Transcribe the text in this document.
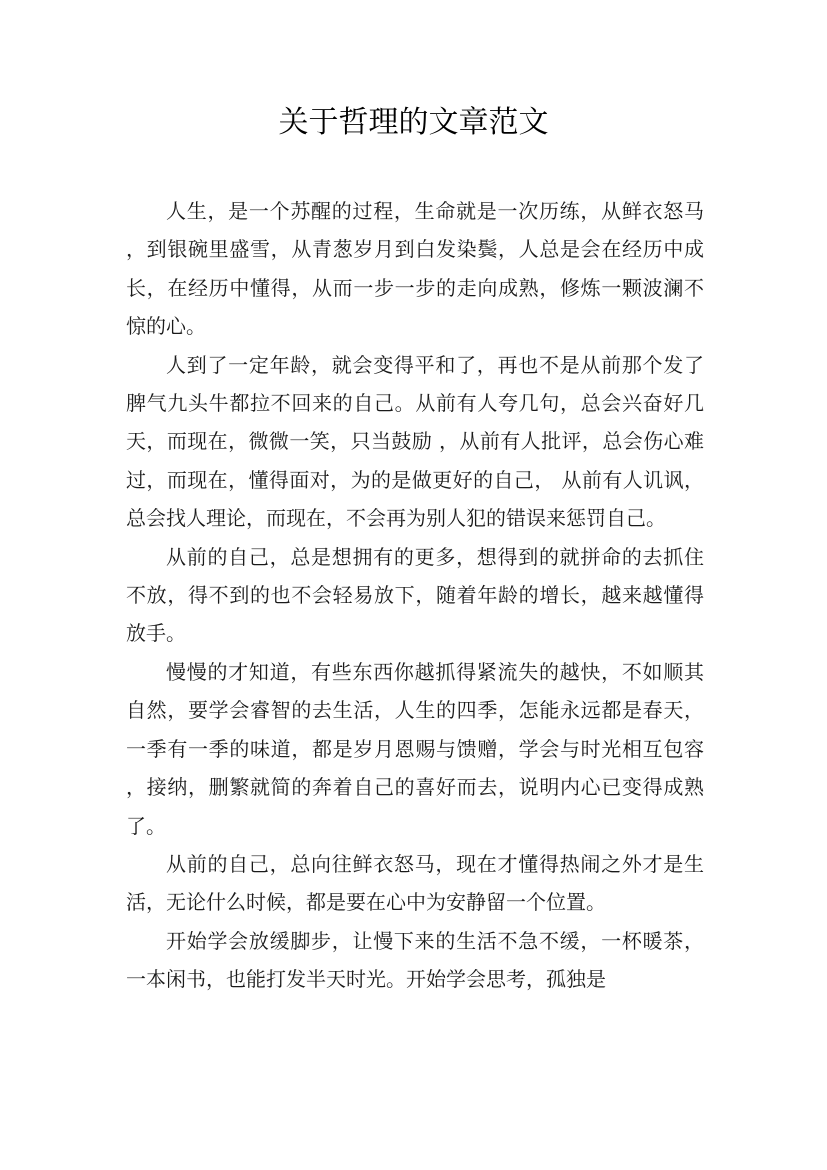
关于哲理的文章范文

人生，是一个苏醒的过程，生命就是一次历练，从鲜衣怒马，到银碗里盛雪，从青葱岁月到白发染鬓，人总是会在经历中成长，在经历中懂得，从而一步一步的走向成熟，修炼一颗波澜不惊的心。

人到了一定年龄，就会变得平和了，再也不是从前那个发了脾气九头牛都拉不回来的自己。从前有人夸几句，总会兴奋好几天，而现在，微微一笑，只当鼓励 ，从前有人批评，总会伤心难过，而现在，懂得面对，为的是做更好的自己， 从前有人讥讽，总会找人理论，而现在，不会再为别人犯的错误来惩罚自己。

从前的自己，总是想拥有的更多，想得到的就拼命的去抓住不放，得不到的也不会轻易放下，随着年龄的增长，越来越懂得放手。

慢慢的才知道，有些东西你越抓得紧流失的越快，不如顺其自然，要学会睿智的去生活，人生的四季，怎能永远都是春天，一季有一季的味道，都是岁月恩赐与馈赠，学会与时光相互包容，接纳，删繁就简的奔着自己的喜好而去，说明内心已变得成熟了。

从前的自己，总向往鲜衣怒马，现在才懂得热闹之外才是生活，无论什么时候，都是要在心中为安静留一个位置。

开始学会放缓脚步，让慢下来的生活不急不缓，一杯暖茶，一本闲书，也能打发半天时光。开始学会思考，孤独是
